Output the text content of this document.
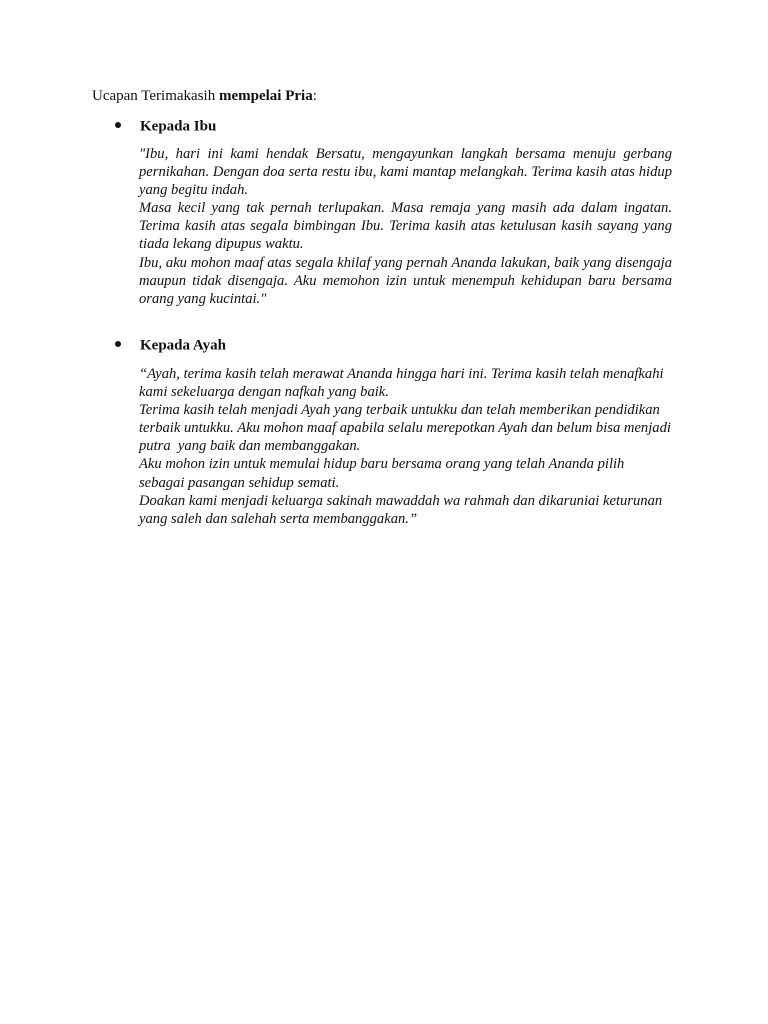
Ucapan Terimakasih mempelai Pria:
Kepada Ibu
"Ibu, hari ini kami hendak Bersatu, mengayunkan langkah bersama menuju gerbang pernikahan. Dengan doa serta restu ibu, kami mantap melangkah. Terima kasih atas hidup yang begitu indah.
Masa kecil yang tak pernah terlupakan. Masa remaja yang masih ada dalam ingatan. Terima kasih atas segala bimbingan Ibu. Terima kasih atas ketulusan kasih sayang yang tiada lekang dipupus waktu.
Ibu, aku mohon maaf atas segala khilaf yang pernah Ananda lakukan, baik yang disengaja maupun tidak disengaja. Aku memohon izin untuk menempuh kehidupan baru bersama orang yang kucintai."
Kepada Ayah
“Ayah, terima kasih telah merawat Ananda hingga hari ini. Terima kasih telah menafkahi kami sekeluarga dengan nafkah yang baik.
Terima kasih telah menjadi Ayah yang terbaik untukku dan telah memberikan pendidikan terbaik untukku. Aku mohon maaf apabila selalu merepotkan Ayah dan belum bisa menjadi putra  yang baik dan membanggakan.
Aku mohon izin untuk memulai hidup baru bersama orang yang telah Ananda pilih sebagai pasangan sehidup semati.
Doakan kami menjadi keluarga sakinah mawaddah wa rahmah dan dikaruniai keturunan yang saleh dan salehah serta membanggakan.”
